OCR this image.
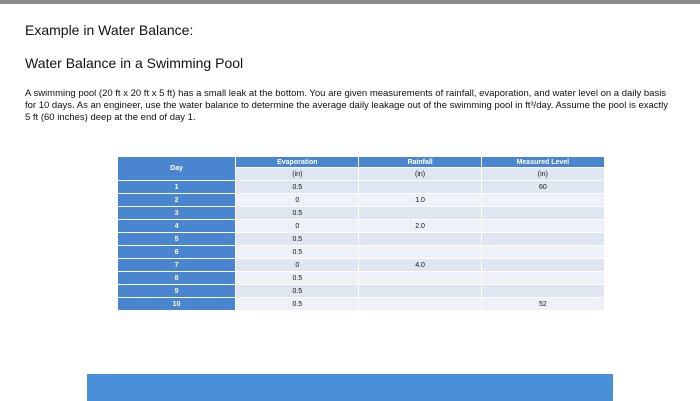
Example in Water Balance:
Water Balance in a Swimming Pool
A swimming pool (20 ft x 20 ft x 5 ft) has a small leak at the bottom. You are given measurements of rainfall, evaporation, and water level on a daily basis for 10 days. As an engineer, use the water balance to determine the average daily leakage out of the swimming pool in ft³/day. Assume the pool is exactly 5 ft (60 inches) deep at the end of day 1.
Day	Evaporation	Rainfall	Measured Level
	(in)	(in)	(in)
1	0.5		60
2	0	1.0	
3	0.5		
4	0	2.0	
5	0.5		
6	0.5		
7	0	4.0	
8	0.5		
9	0.5		
10	0.5		52
